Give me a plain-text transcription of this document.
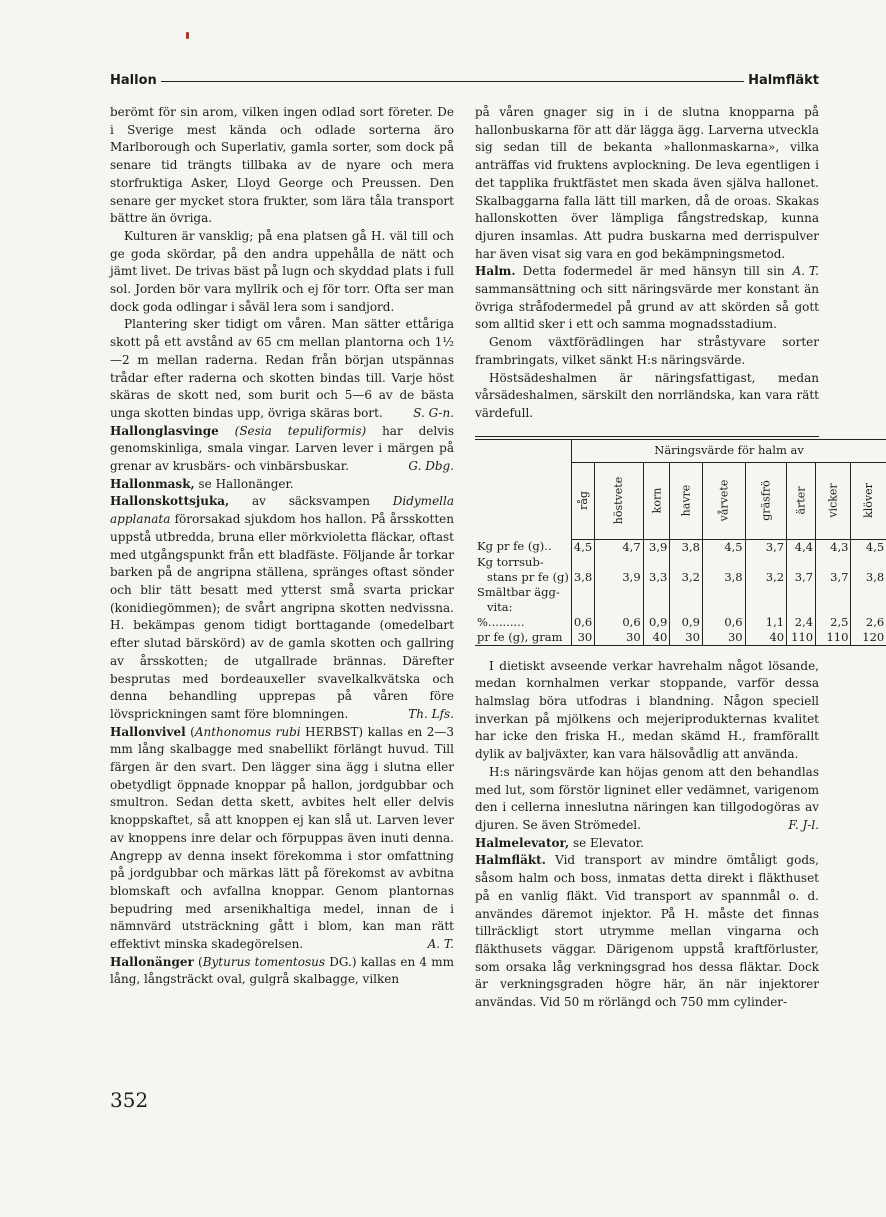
Hallon	Halmfläkt

berömt för sin arom, vilken ingen odlad sort företer. De i Sverige mest kända och odlade sorterna äro Marlborough och Superlativ, gamla sorter, som dock på senare tid trängts tillbaka av de nyare och mera storfruktiga Asker, Lloyd George och Preussen. Den senare ger mycket stora frukter, som lära tåla transport bättre än övriga.

Kulturen är vansklig; på ena platsen gå H. väl till och ge goda skördar, på den andra uppehålla de nätt och jämt livet. De trivas bäst på lugn och skyddad plats i full sol. Jorden bör vara myllrik och ej för torr. Ofta ser man dock goda odlingar i såväl lera som i sandjord.

Plantering sker tidigt om våren. Man sätter ettåriga skott på ett avstånd av 65 cm mellan plantorna och 1½—2 m mellan raderna. Redan från början utspännas trådar efter raderna och skotten bindas till. Varje höst skäras de skott ned, som burit och 5—6 av de bästa unga skotten bindas upp, övriga skäras bort.	S. G-n.

Hallonglasvinge (Sesia tepuliformis) har delvis genomskinliga, smala vingar. Larven lever i märgen på grenar av krusbärs- och vinbärsbuskar.	G. Dbg.

Hallonmask, se Hallonänger.

Hallonskottsjuka, av säcksvampen Didymella applanata förorsakad sjukdom hos hallon. På årsskotten uppstå utbredda, bruna eller mörkvioletta fläckar, oftast med utgångspunkt från ett bladfäste. Följande år torkar barken på de angripna ställena, spränges oftast sönder och blir tätt besatt med ytterst små svarta prickar (konidiegömmen); de svårt angripna skotten nedvissna. H. bekämpas genom tidigt borttagande (omedelbart efter slutad bärskörd) av de gamla skotten och gallring av årsskotten; de utgallrade brännas. Därefter besprutas med bordeauxeller svavelkalkvätska och denna behandling upprepas på våren före lövsprickningen samt före blomningen.	Th. Lfs.

Hallonvivel (Anthonomus rubi HERBST) kallas en 2—3 mm lång skalbagge med snabellikt förlängt huvud. Till färgen är den svart. Den lägger sina ägg i slutna eller obetydligt öppnade knoppar på hallon, jordgubbar och smultron. Sedan detta skett, avbites helt eller delvis knoppskaftet, så att knoppen ej kan slå ut. Larven lever av knoppens inre delar och förpuppas även inuti denna. Angrepp av denna insekt förekomma i stor omfattning på jordgubbar och märkas lätt på förekomst av avbitna blomskaft och avfallna knoppar. Genom plantornas bepudring med arsenikhaltiga medel, innan de i nämnvärd utsträckning gått i blom, kan man rätt effektivt minska skadegörelsen.	A. T.

Hallonänger (Byturus tomentosus DG.) kallas en 4 mm lång, långsträckt oval, gulgrå skalbagge, vilken

på våren gnager sig in i de slutna knopparna på hallonbuskarna för att där lägga ägg. Larverna utveckla sig sedan till de bekanta »hallonmaskarna», vilka anträffas vid fruktens avplockning. De leva egentligen i det tapplika fruktfästet men skada även själva hallonet. Skalbaggarna falla lätt till marken, då de oroas. Skakas hallonskotten över lämpliga fångstredskap, kunna djuren insamlas. Att pudra buskarna med derrispulver har även visat sig vara en god bekämpningsmetod.
A. T.

Halm. Detta fodermedel är med hänsyn till sin sammansättning och sitt näringsvärde mer konstant än övriga stråfodermedel på grund av att skörden så gott som alltid sker i ett och samma mognadsstadium.

Genom växtförädlingen har stråstyvare sorter frambringats, vilket sänkt H:s näringsvärde.

Höstsädeshalmen är näringsfattigast, medan vårsädeshalmen, särskilt den norrländska, kan vara rätt värdefull.

	Näringsvärde för halm av								
	råg	höstvete	korn	havre	vårvete	gräsfrö	ärter	vicker	klöver

Kg pr fe (g)..	4,5	4,7	3,9	3,8	4,5	3,7	4,4	4,3	4,5

Kg torrsub-
stans pr fe (g)	3,8	3,9	3,3	3,2	3,8	3,2	3,7	3,7	3,8

Smältbar ägg-
vita:									

%..........	0,6	0,6	0,9	0,9	0,6	1,1	2,4	2,5	2,6

pr fe (g), gram	30	30	40	30	30	40	110	110	120

I dietiskt avseende verkar havrehalm något lösande, medan kornhalmen verkar stoppande, varför dessa halmslag böra utfodras i blandning. Någon speciell inverkan på mjölkens och mejeriprodukternas kvalitet har icke den friska H., medan skämd H., framförallt dylik av baljväxter, kan vara hälsovådlig att använda.

H:s näringsvärde kan höjas genom att den behandlas med lut, som förstör ligninet eller vedämnet, varigenom den i cellerna inneslutna näringen kan tillgodogöras av djuren. Se även Strömedel.	F. J-l.

Halmelevator, se Elevator.

Halmfläkt. Vid transport av mindre ömtåligt gods, såsom halm och boss, inmatas detta direkt i fläkthuset på en vanlig fläkt. Vid transport av spannmål o. d. användes däremot injektor. På H. måste det finnas tillräckligt stort utrymme mellan vingarna och fläkthusets väggar. Därigenom uppstå kraftförluster, som orsaka låg verkningsgrad hos dessa fläktar. Dock är verkningsgraden högre här, än när injektorer användas. Vid 50 m rörlängd och 750 mm cylinder-

352
